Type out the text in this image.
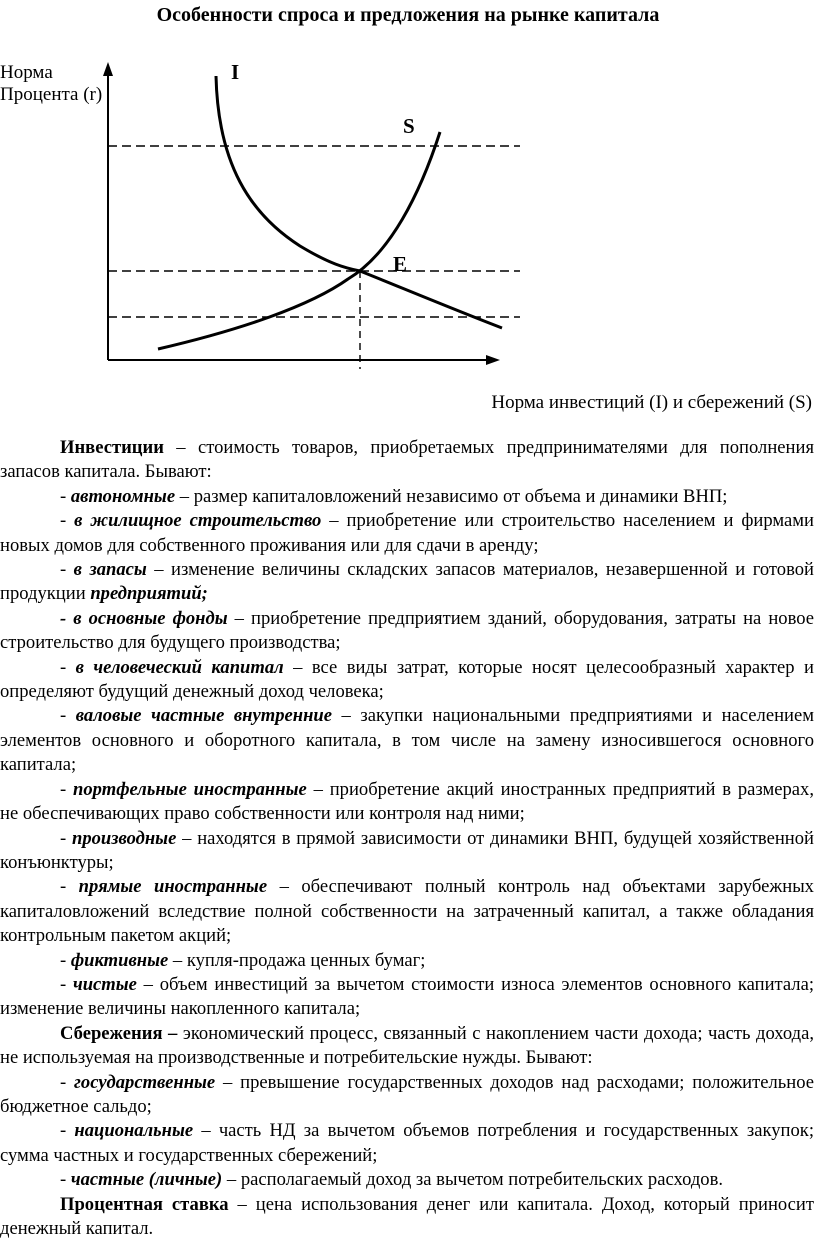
Особенности спроса и предложения на рынке капитала
Норма
Процента (r)
I
S
E
Норма инвестиций (I) и сбережений (S)

Инвестиции – стоимость товаров, приобретаемых предпринимателями для пополнения запасов капитала. Бывают:

- автономные – размер капиталовложений независимо от объема и динамики ВНП;

- в жилищное строительство – приобретение или строительство населением и фирмами новых домов для собственного проживания или для сдачи в аренду;

- в запасы – изменение величины складских запасов материалов, незавершенной и готовой продукции предприятий;

- в основные фонды – приобретение предприятием зданий, оборудования, затраты на новое строительство для будущего производства;

- в человеческий капитал – все виды затрат, которые носят целесообразный характер и определяют будущий денежный доход человека;

- валовые частные внутренние – закупки национальными предприятиями и населением элементов основного и оборотного капитала, в том числе на замену износившегося основного капитала;

- портфельные иностранные – приобретение акций иностранных предприятий в размерах, не обеспечивающих право собственности или контроля над ними;

- производные – находятся в прямой зависимости от динамики ВНП, будущей хозяйственной конъюнктуры;

- прямые иностранные – обеспечивают полный контроль над объектами зарубежных капиталовложений вследствие полной собственности на затраченный капитал, а также обладания контрольным пакетом акций;

- фиктивные – купля-продажа ценных бумаг;

- чистые – объем инвестиций за вычетом стоимости износа элементов основного капитала; изменение величины накопленного капитала;

Сбережения – экономический процесс, связанный с накоплением части дохода; часть дохода, не используемая на производственные и потребительские нужды. Бывают:

- государственные – превышение государственных доходов над расходами; положительное бюджетное сальдо;

- национальные – часть НД за вычетом объемов потребления и государственных закупок; сумма частных и государственных сбережений;

- частные (личные) – располагаемый доход за вычетом потребительских расходов.

Процентная ставка – цена использования денег или капитала. Доход, который приносит денежный капитал.
